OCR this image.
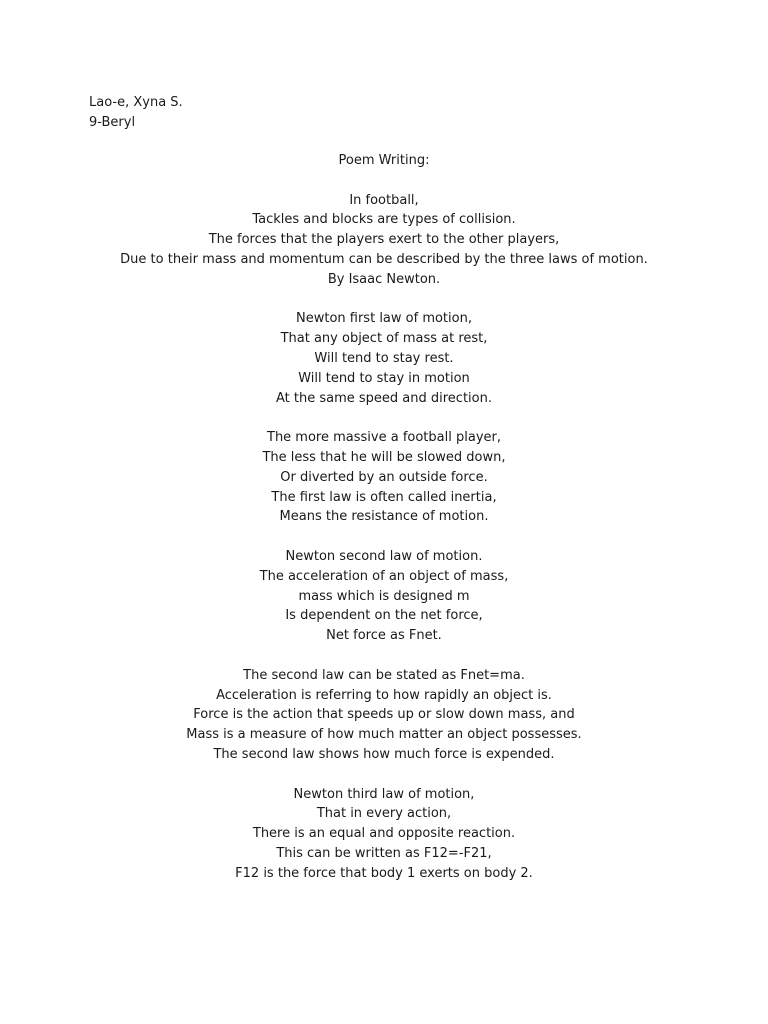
Lao-e, Xyna S.
9-Beryl
Poem Writing:
In football,
Tackles and blocks are types of collision.
The forces that the players exert to the other players,
Due to their mass and momentum can be described by the three laws of motion.
By Isaac Newton.
Newton first law of motion,
That any object of mass at rest,
Will tend to stay rest.
Will tend to stay in motion
At the same speed and direction.
The more massive a football player,
The less that he will be slowed down,
Or diverted by an outside force.
The first law is often called inertia,
Means the resistance of motion.
Newton second law of motion.
The acceleration of an object of mass,
mass which is designed m
Is dependent on the net force,
Net force as Fnet.
The second law can be stated as Fnet=ma.
Acceleration is referring to how rapidly an object is.
Force is the action that speeds up or slow down mass, and
Mass is a measure of how much matter an object possesses.
The second law shows how much force is expended.
Newton third law of motion,
That in every action,
There is an equal and opposite reaction.
This can be written as F12=-F21,
F12 is the force that body 1 exerts on body 2.
